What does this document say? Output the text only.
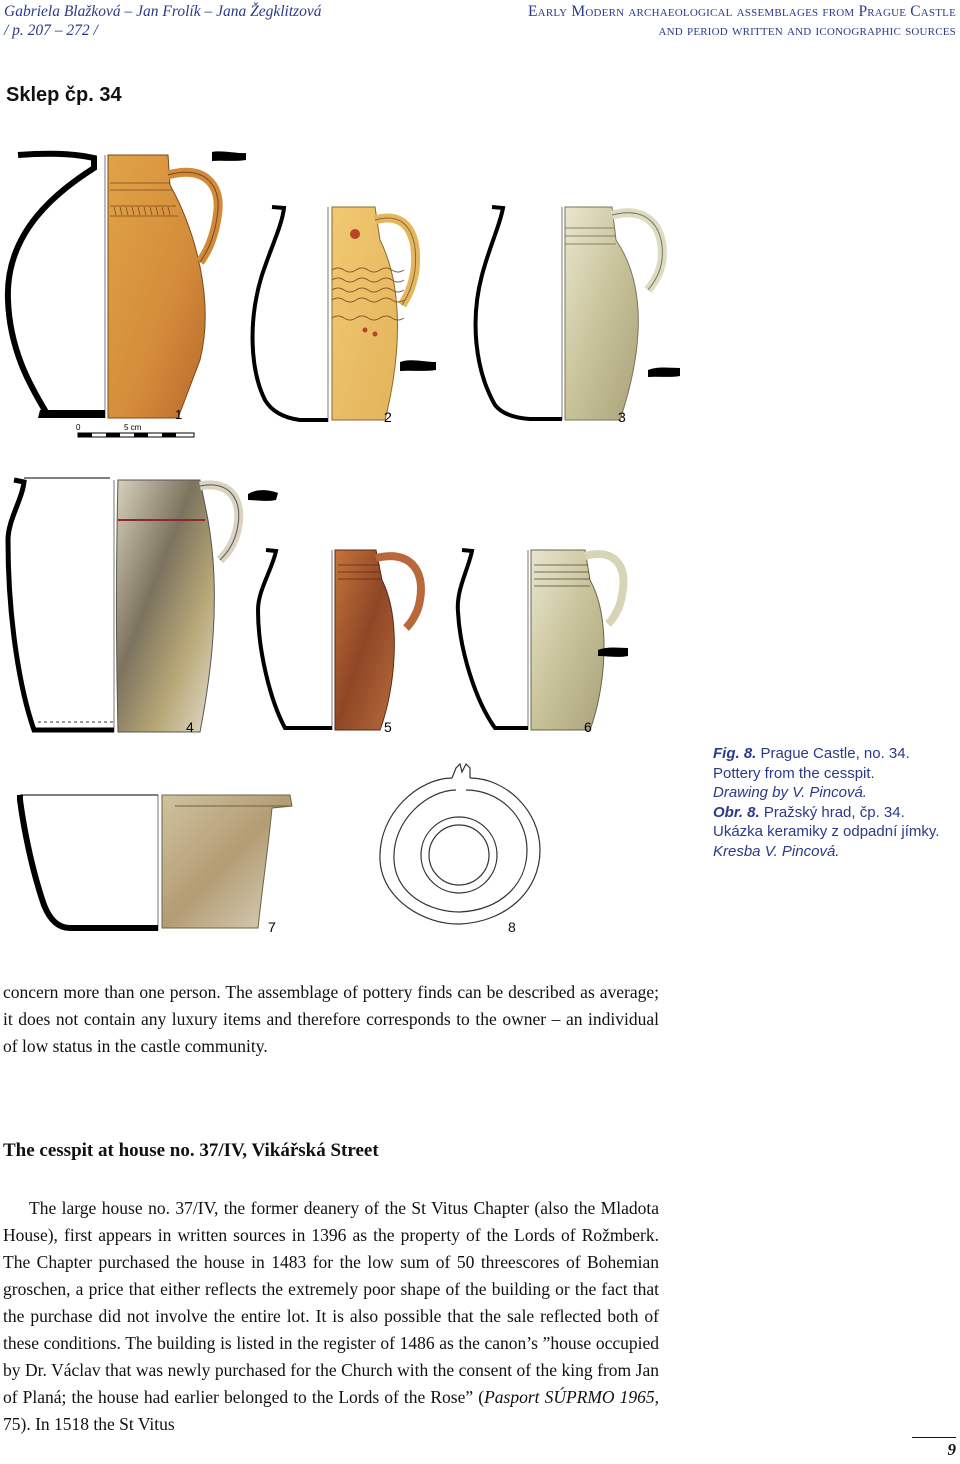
Gabriela Blažková – Jan Frolík – Jana Žegklitzová
/ p. 207 – 272 /
Early Modern archaeological assemblages from Prague Castle
and period written and iconographic sources
Sklep čp. 34
1
0	5 cm
2	3
4	5	6
7	8
Fig. 8. Prague Castle, no. 34. Pottery from the cesspit.
Drawing by V. Pincová.
Obr. 8. Pražský hrad, čp. 34. Ukázka keramiky z odpadní jímky.
Kresba V. Pincová.

concern more than one person. The assemblage of pottery finds can be described as average; it does not contain any luxury items and therefore corresponds to the owner – an individual of low status in the castle community.

The cesspit at house no. 37/IV, Vikářská Street

The large house no. 37/IV, the former deanery of the St Vitus Chapter (also the Mladota House), first appears in written sources in 1396 as the property of the Lords of Rožmberk. The Chapter purchased the house in 1483 for the low sum of 50 threescores of Bohemian groschen, a price that either reflects the extremely poor shape of the building or the fact that the purchase did not involve the entire lot. It is also possible that the sale reflected both of these conditions. The building is listed in the register of 1486 as the canon’s ”house occupied by Dr. Václav that was newly purchased for the Church with the consent of the king from Jan of Planá; the house had earlier belonged to the Lords of the Rose” (Pasport SÚPRMO 1965, 75). In 1518 the St Vitus

9
